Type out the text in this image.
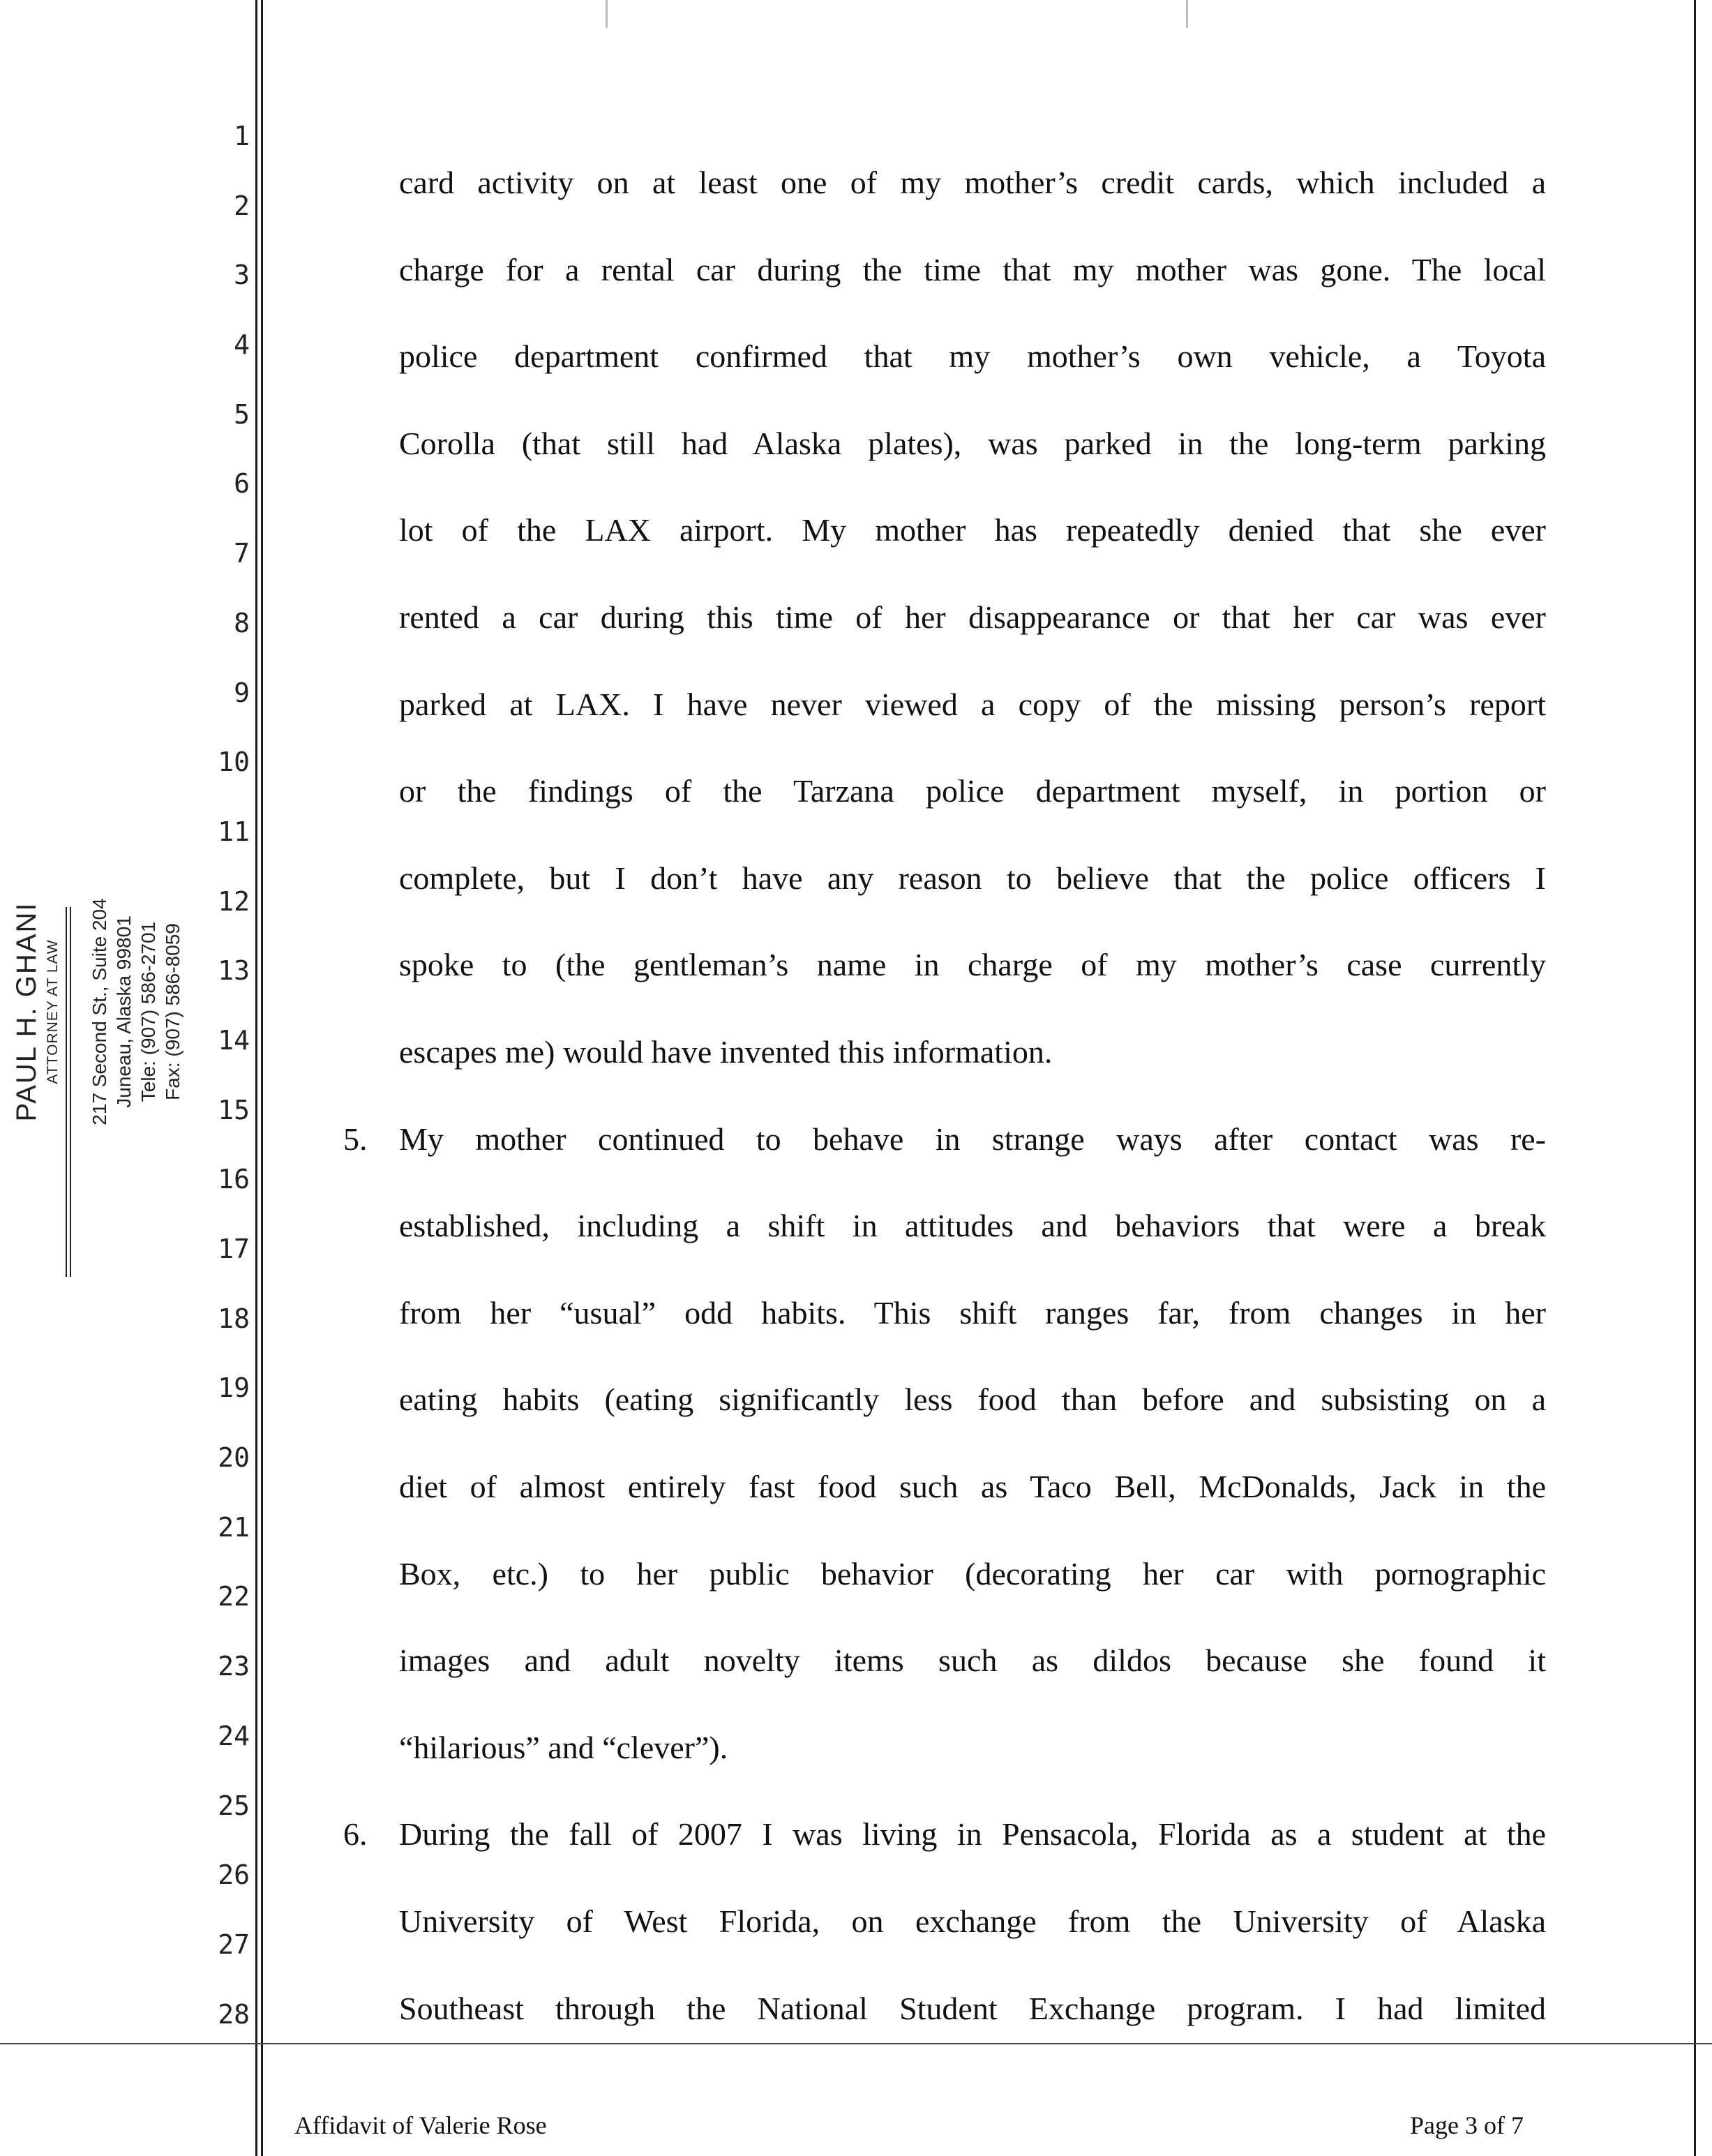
1
2
3
4
5
6
7
8
9
10
11
12
13
14
15
16
17
18
19
20
21
22
23
24
25
26
27
28
PAUL H. GHANI ATTORNEY AT LAW 217 Second St., Suite 204 Juneau, Alaska 99801 Tele: (907) 586-2701 Fax: (907) 586-8059
card activity on at least one of my mother’s credit cards, which included a
charge for a rental car during the time that my mother was gone. The local
police department confirmed that my mother’s own vehicle, a Toyota
Corolla (that still had Alaska plates), was parked in the long-term parking
lot of the LAX airport. My mother has repeatedly denied that she ever
rented a car during this time of her disappearance or that her car was ever
parked at LAX. I have never viewed a copy of the missing person’s report
or the findings of the Tarzana police department myself, in portion or
complete, but I don’t have any reason to believe that the police officers I
spoke to (the gentleman’s name in charge of my mother’s case currently
escapes me) would have invented this information.
5. My mother continued to behave in strange ways after contact was re-
established, including a shift in attitudes and behaviors that were a break
from her “usual” odd habits. This shift ranges far, from changes in her
eating habits (eating significantly less food than before and subsisting on a
diet of almost entirely fast food such as Taco Bell, McDonalds, Jack in the
Box, etc.) to her public behavior (decorating her car with pornographic
images and adult novelty items such as dildos because she found it
“hilarious” and “clever”).
6. During the fall of 2007 I was living in Pensacola, Florida as a student at the
University of West Florida, on exchange from the University of Alaska
Southeast through the National Student Exchange program. I had limited
Affidavit of Valerie Rose	Page 3 of 7
